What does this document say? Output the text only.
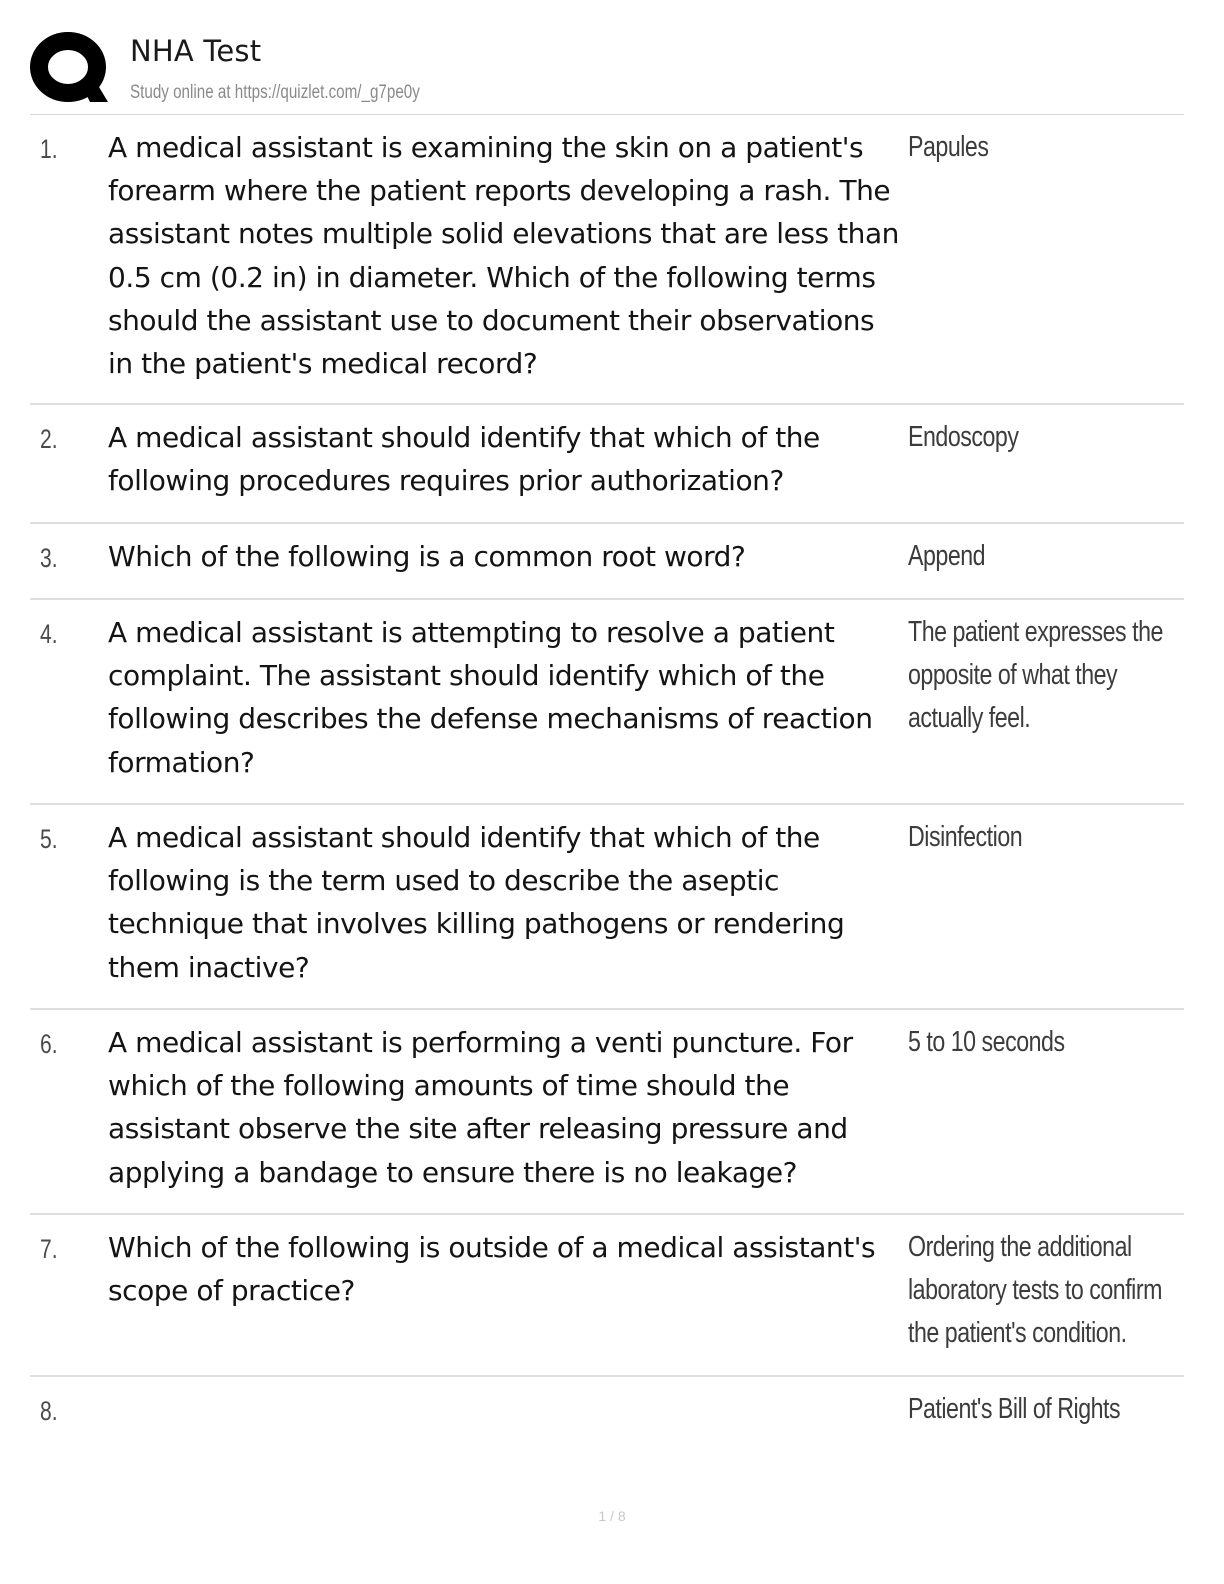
NHA Test
Study online at https://quizlet.com/_g7pe0y
1. A medical assistant is examining the skin on a patient's forearm where the patient reports developing a rash. The assistant notes multiple solid elevations that are less than 0.5 cm (0.2 in) in diameter. Which of the following terms should the assistant use to document their observations in the patient's medical record?
Papules
2. A medical assistant should identify that which of the following procedures requires prior authorization?
Endoscopy
3. Which of the following is a common root word?	Append
4. A medical assistant is attempting to resolve a patient complaint. The assistant should identify which of the following describes the defense mechanisms of reaction formation?
The patient expresses the opposite of what they actually feel.
5. A medical assistant should identify that which of the following is the term used to describe the aseptic technique that involves killing pathogens or rendering them inactive?
Disinfection
6. A medical assistant is performing a venti puncture. For which of the following amounts of time should the assistant observe the site after releasing pressure and applying a bandage to ensure there is no leakage?
5 to 10 seconds
7. Which of the following is outside of a medical assistant's scope of practice?
Ordering the additional laboratory tests to confirm the patient's condition.
8.	Patient's Bill of Rights
1 / 8
